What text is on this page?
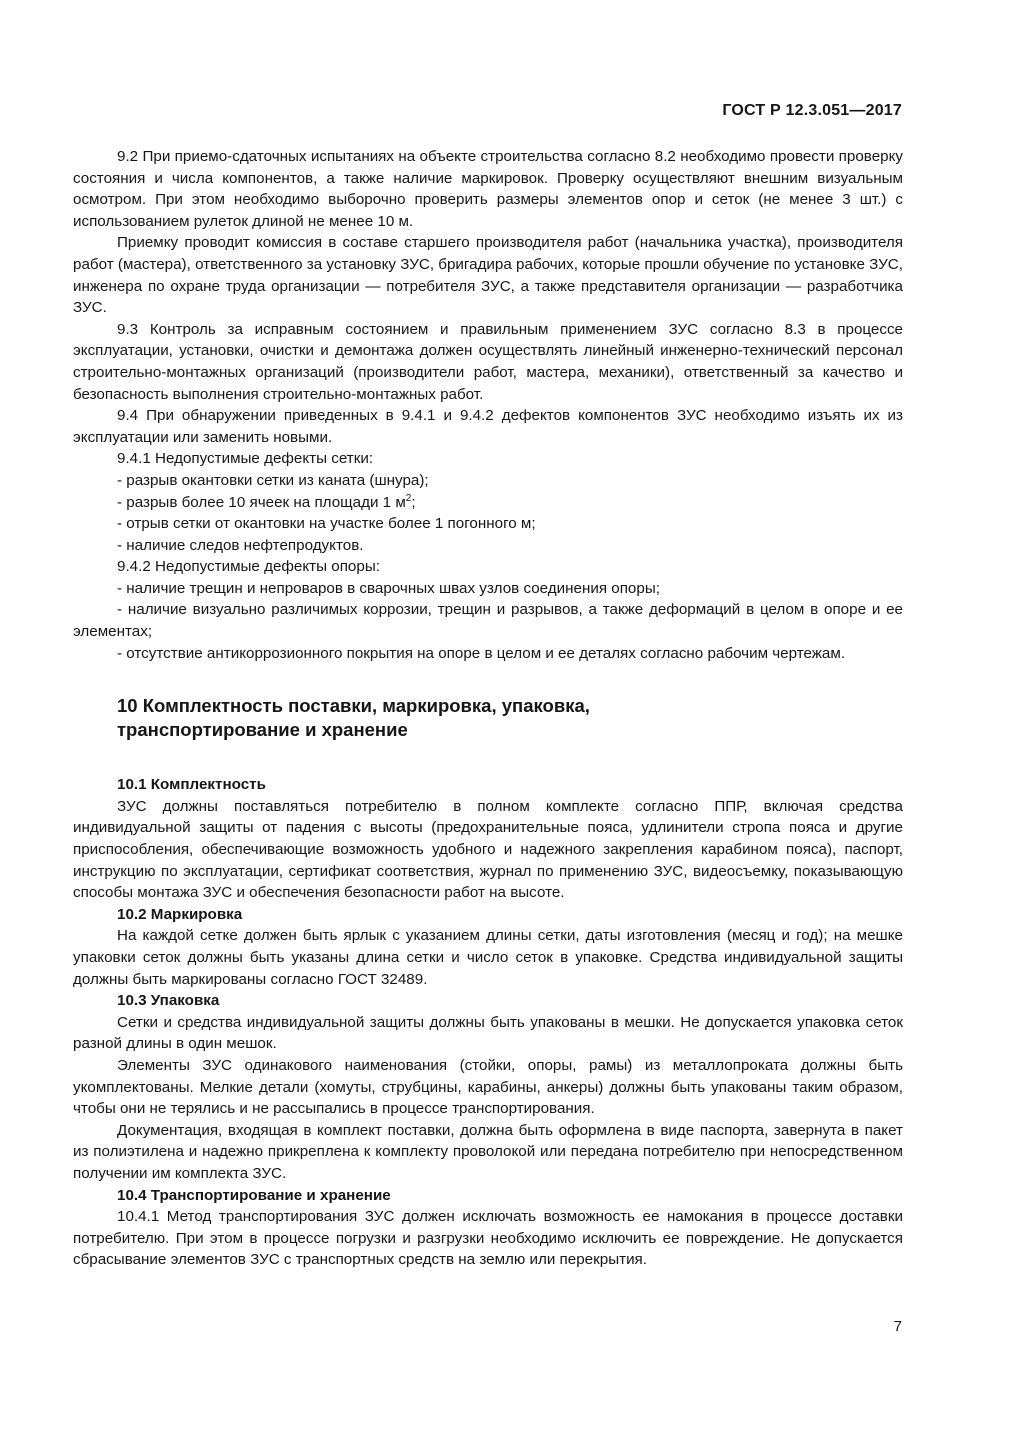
ГОСТ Р 12.3.051—2017

9.2 При приемо-сдаточных испытаниях на объекте строительства согласно 8.2 необходимо провести проверку состояния и числа компонентов, а также наличие маркировок. Проверку осуществляют внешним визуальным осмотром. При этом необходимо выборочно проверить размеры элементов опор и сеток (не менее 3 шт.) с использованием рулеток длиной не менее 10 м.

Приемку проводит комиссия в составе старшего производителя работ (начальника участка), производителя работ (мастера), ответственного за установку ЗУС, бригадира рабочих, которые прошли обучение по установке ЗУС, инженера по охране труда организации — потребителя ЗУС, а также представителя организации — разработчика ЗУС.

9.3 Контроль за исправным состоянием и правильным применением ЗУС согласно 8.3 в процессе эксплуатации, установки, очистки и демонтажа должен осуществлять линейный инженерно-технический персонал строительно-монтажных организаций (производители работ, мастера, механики), ответственный за качество и безопасность выполнения строительно-монтажных работ.

9.4 При обнаружении приведенных в 9.4.1 и 9.4.2 дефектов компонентов ЗУС необходимо изъять их из эксплуатации или заменить новыми.

9.4.1 Недопустимые дефекты сетки:

- разрыв окантовки сетки из каната (шнура);

- разрыв более 10 ячеек на площади 1 $м^2$;

- отрыв сетки от окантовки на участке более 1 погонного м;

- наличие следов нефтепродуктов.

9.4.2 Недопустимые дефекты опоры:

- наличие трещин и непроваров в сварочных швах узлов соединения опоры;

- наличие визуально различимых коррозии, трещин и разрывов, а также деформаций в целом в опоре и ее элементах;

- отсутствие антикоррозионного покрытия на опоре в целом и ее деталях согласно рабочим чертежам.

10 Комплектность поставки, маркировка, упаковка,
транспортирование и хранение
10.1 Комплектность

ЗУС должны поставляться потребителю в полном комплекте согласно ППР, включая средства индивидуальной защиты от падения с высоты (предохранительные пояса, удлинители стропа пояса и другие приспособления, обеспечивающие возможность удобного и надежного закрепления карабином пояса), паспорт, инструкцию по эксплуатации, сертификат соответствия, журнал по применению ЗУС, видеосъемку, показывающую способы монтажа ЗУС и обеспечения безопасности работ на высоте.

10.2 Маркировка

На каждой сетке должен быть ярлык с указанием длины сетки, даты изготовления (месяц и год); на мешке упаковки сеток должны быть указаны длина сетки и число сеток в упаковке. Средства индивидуальной защиты должны быть маркированы согласно ГОСТ 32489.

10.3 Упаковка

Сетки и средства индивидуальной защиты должны быть упакованы в мешки. Не допускается упаковка сеток разной длины в один мешок.

Элементы ЗУС одинакового наименования (стойки, опоры, рамы) из металлопроката должны быть укомплектованы. Мелкие детали (хомуты, струбцины, карабины, анкеры) должны быть упакованы таким образом, чтобы они не терялись и не рассыпались в процессе транспортирования.

Документация, входящая в комплект поставки, должна быть оформлена в виде паспорта, завернута в пакет из полиэтилена и надежно прикреплена к комплекту проволокой или передана потребителю при непосредственном получении им комплекта ЗУС.

10.4 Транспортирование и хранение

10.4.1 Метод транспортирования ЗУС должен исключать возможность ее намокания в процессе доставки потребителю. При этом в процессе погрузки и разгрузки необходимо исключить ее повреждение. Не допускается сбрасывание элементов ЗУС с транспортных средств на землю или перекрытия.

7
